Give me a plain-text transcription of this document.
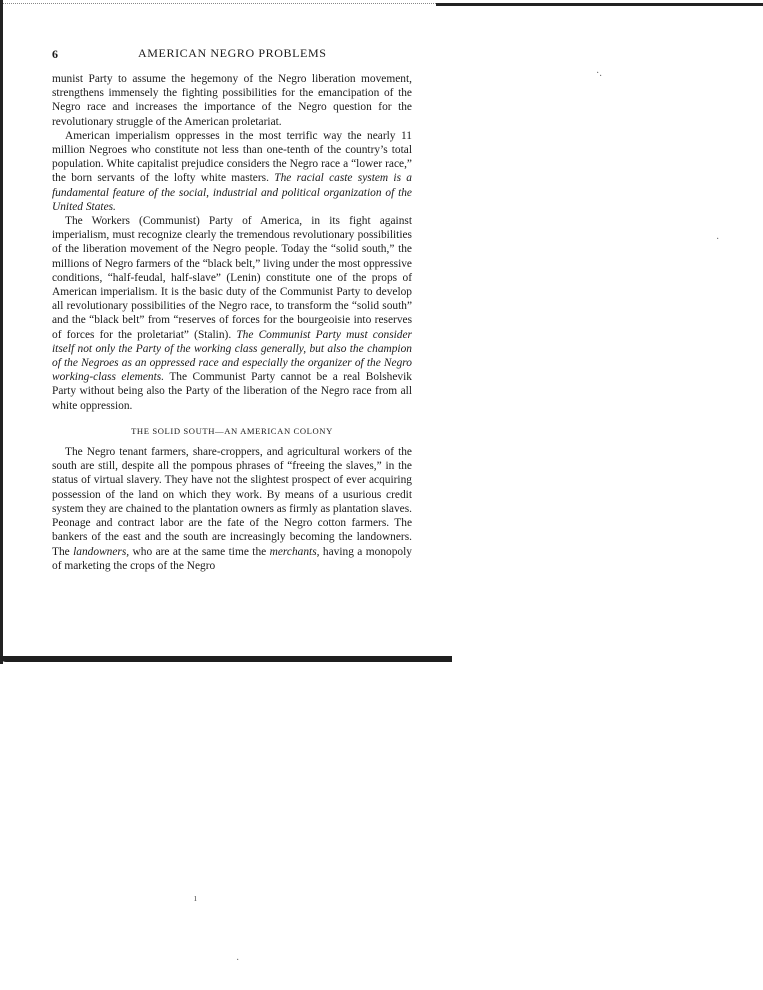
6	AMERICAN NEGRO PROBLEMS

munist Party to assume the hegemony of the Negro liberation movement, strengthens immensely the fighting possibilities for the emancipation of the Negro race and increases the importance of the Negro question for the revolutionary struggle of the American proletariat.

American imperialism oppresses in the most terrific way the nearly 11 million Negroes who constitute not less than one-tenth of the country’s total population. White capitalist prejudice considers the Negro race a “lower race,” the born servants of the lofty white masters. The racial caste system is a fundamental feature of the social, industrial and political organization of the United States.

The Workers (Communist) Party of America, in its fight against imperialism, must recognize clearly the tremendous revolutionary possibilities of the liberation movement of the Negro people. Today the “solid south,” the millions of Negro farmers of the “black belt,” living under the most oppressive conditions, “half-feudal, half-slave” (Lenin) constitute one of the props of American imperialism. It is the basic duty of the Communist Party to develop all revolutionary possibilities of the Negro race, to transform the “solid south” and the “black belt” from “reserves of forces for the bourgeoisie into reserves of forces for the proletariat” (Stalin). The Communist Party must consider itself not only the Party of the working class generally, but also the champion of the Negroes as an oppressed race and especially the organizer of the Negro working-class elements. The Communist Party cannot be a real Bolshevik Party without being also the Party of the liberation of the Negro race from all white oppression.

THE SOLID SOUTH—AN AMERICAN COLONY

The Negro tenant farmers, share-croppers, and agricultural workers of the south are still, despite all the pompous phrases of “freeing the slaves,” in the status of virtual slavery. They have not the slightest prospect of ever acquiring possession of the land on which they work. By means of a usurious credit system they are chained to the plantation owners as firmly as plantation slaves. Peonage and contract labor are the fate of the Negro cotton farmers. The bankers of the east and the south are increasingly becoming the landowners. The landowners, who are at the same time the merchants, having a monopoly of marketing the crops of the Negro

·.
ı
·
·
